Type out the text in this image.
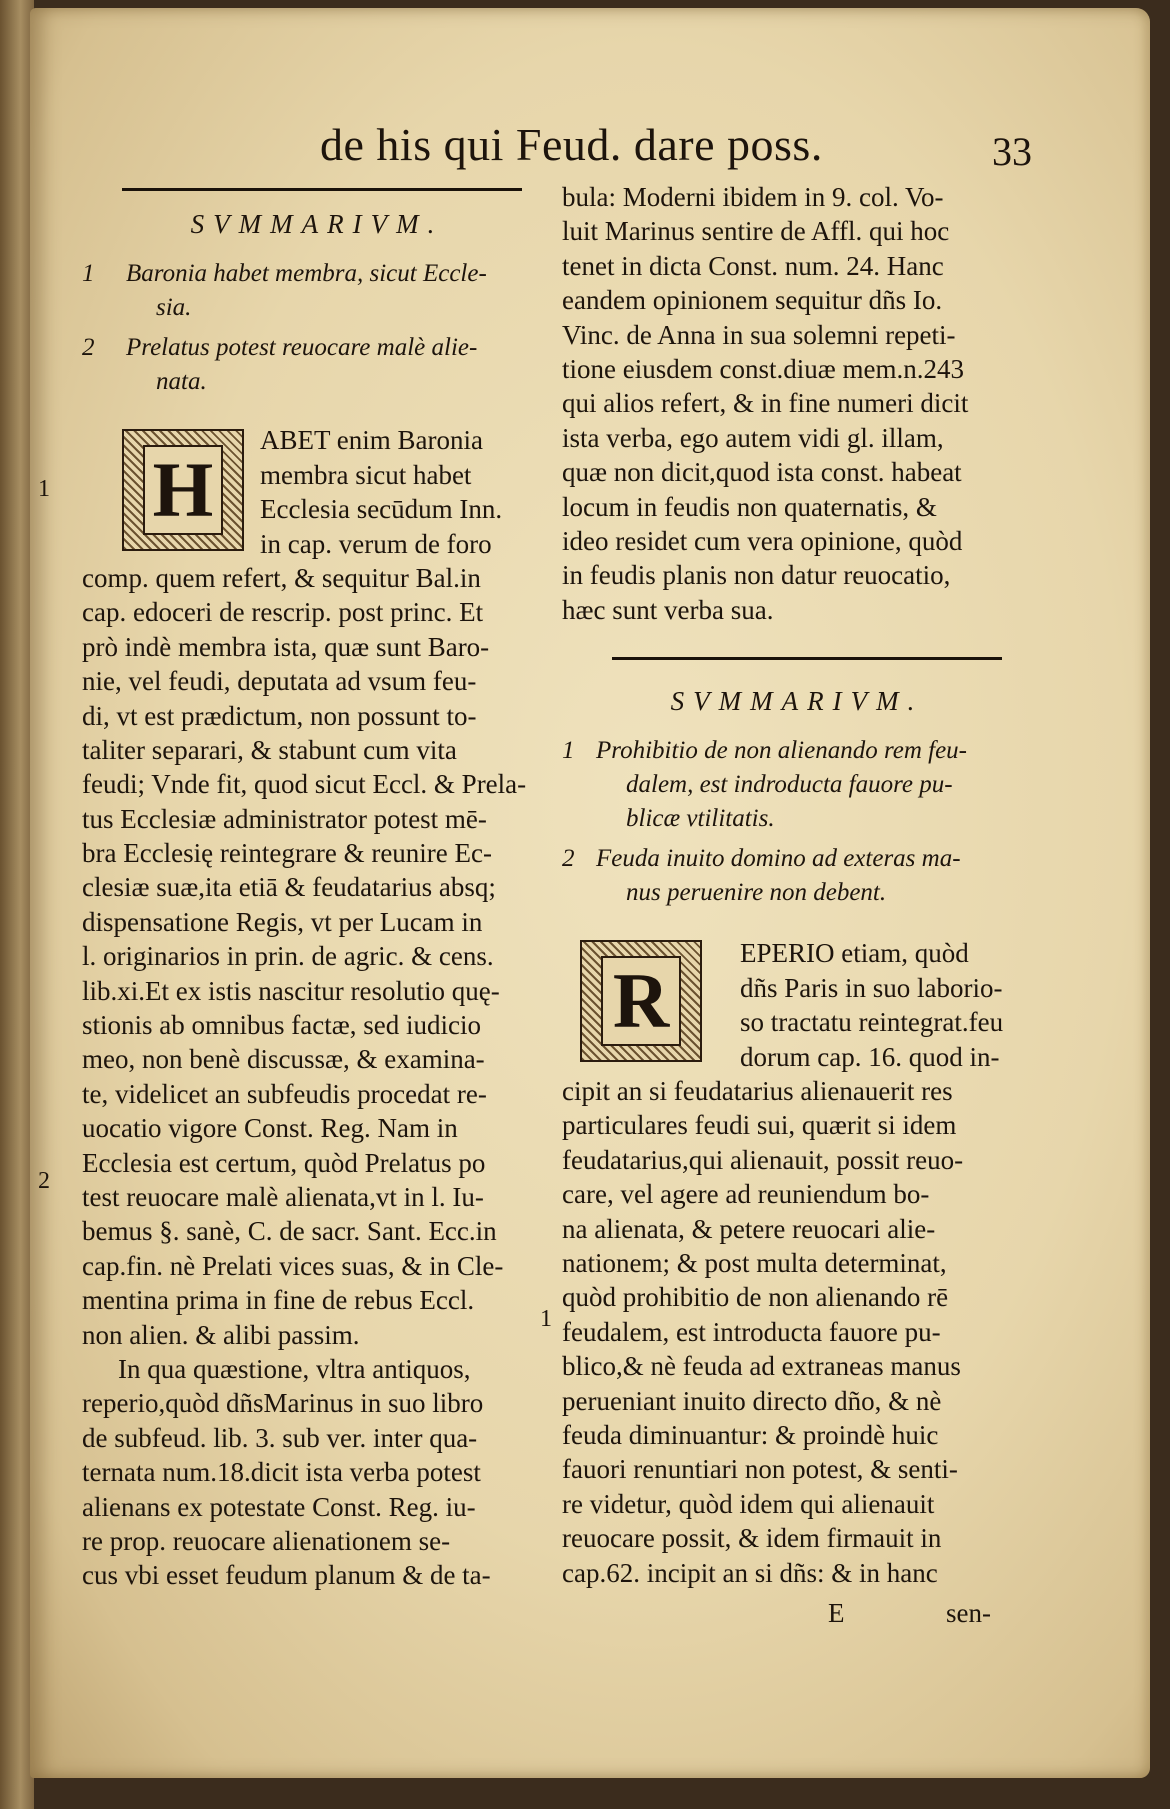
de his qui Feud. dare poss.	33
SVMMARIVM.
1 Baronia habet membra, sicut Eccle-
sia.
2 Prelatus potest reuocare malè alie-
nata.
H
ABET enim Baronia
membra sicut habet
Ecclesia secūdum Inn.
in cap. verum de foro
comp. quem refert, & sequitur Bal.in
cap. edoceri de rescrip. post princ. Et
prò indè membra ista, quæ sunt Baro-
nie, vel feudi, deputata ad vsum feu-
di, vt est prædictum, non possunt to-
taliter separari, & stabunt cum vita
feudi; Vnde fit, quod sicut Eccl. & Prela-
tus Ecclesiæ administrator potest mē-
bra Ecclesię reintegrare & reunire Ec-
clesiæ suæ,ita etiā & feudatarius absq;
dispensatione Regis, vt per Lucam in
l. originarios in prin. de agric. & cens.
lib.xi.Et ex istis nascitur resolutio quę-
stionis ab omnibus factæ, sed iudicio
meo, non benè discussæ, & examina-
te, videlicet an subfeudis procedat re-
uocatio vigore Const. Reg. Nam in
Ecclesia est certum, quòd Prelatus po
test reuocare malè alienata,vt in l. Iu-
bemus §. sanè, C. de sacr. Sant. Ecc.in
cap.fin. nè Prelati vices suas, & in Cle-
mentina prima in fine de rebus Eccl.
non alien. & alibi passim.
In qua quæstione, vltra antiquos,
reperio,quòd dñsMarinus in suo libro
de subfeud. lib. 3. sub ver. inter qua-
ternata num.18.dicit ista verba potest
alienans ex potestate Const. Reg. iu-
re prop. reuocare alienationem se-
cus vbi esset feudum planum & de ta-
bula: Moderni ibidem in 9. col. Vo-
luit Marinus sentire de Affl. qui hoc
tenet in dicta Const. num. 24. Hanc
eandem opinionem sequitur dñs Io.
Vinc. de Anna in sua solemni repeti-
tione eiusdem const.diuæ mem.n.243
qui alios refert, & in fine numeri dicit
ista verba, ego autem vidi gl. illam,
quæ non dicit,quod ista const. habeat
locum in feudis non quaternatis, &
ideo residet cum vera opinione, quòd
in feudis planis non datur reuocatio,
hæc sunt verba sua.
SVMMARIVM.
1 Prohibitio de non alienando rem feu-
dalem, est indroducta fauore pu-
blicæ vtilitatis.
2 Feuda inuito domino ad exteras ma-
nus peruenire non debent.
R
EPERIO etiam, quòd
dñs Paris in suo laborio-
so tractatu reintegrat.feu
dorum cap. 16. quod in-
cipit an si feudatarius alienauerit res
particulares feudi sui, quærit si idem
feudatarius,qui alienauit, possit reuo-
care, vel agere ad reuniendum bo-
na alienata, & petere reuocari alie-
nationem; & post multa determinat,
quòd prohibitio de non alienando rē
feudalem, est introducta fauore pu-
blico,& nè feuda ad extraneas manus
perueniant inuito directo dño, & nè
feuda diminuantur: & proindè huic
fauori renuntiari non potest, & senti-
re videtur, quòd idem qui alienauit
reuocare possit, & idem firmauit in
cap.62. incipit an si dñs: & in hanc
1
2
1
E	sen-
